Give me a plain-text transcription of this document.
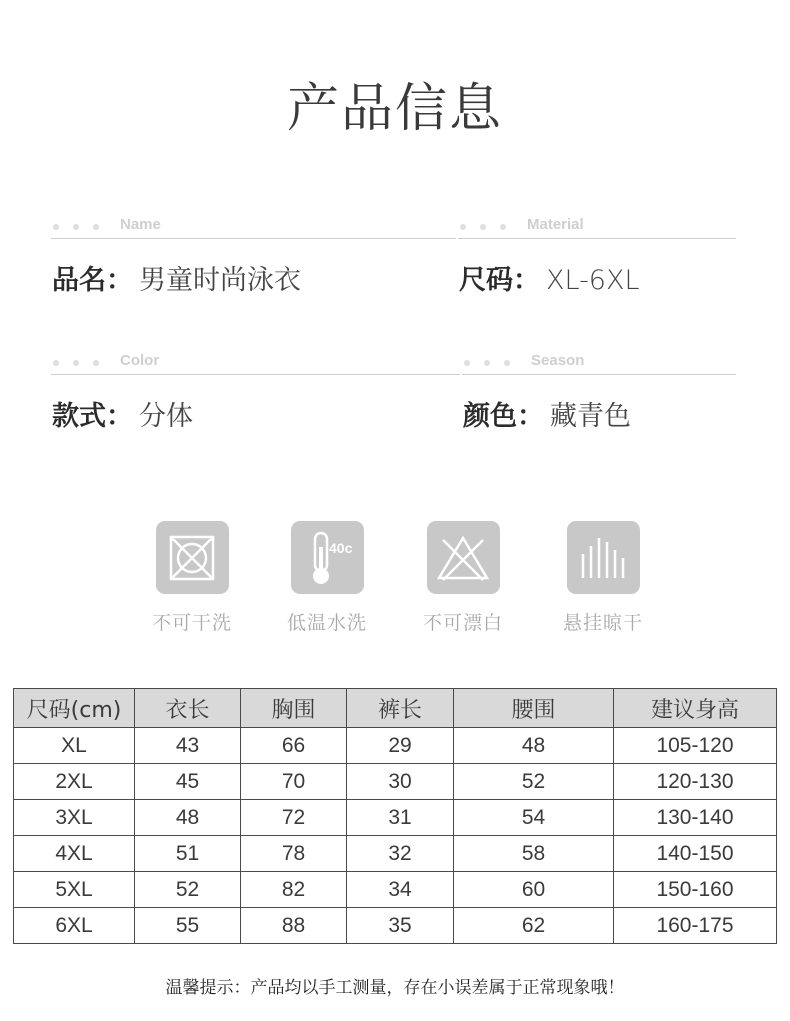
产品信息
Name
品名： 男童时尚泳衣
Material
尺码： XL-6XL
Color
款式： 分体
Season
颜色： 藏青色
不可干洗
40c
低温水洗	不可漂白	悬挂晾干
尺码(cm)	衣长	胸围	裤长	腰围	建议身高
XL	43	66	29	48	105-120
2XL	45	70	30	52	120-130
3XL	48	72	31	54	130-140
4XL	51	78	32	58	140-150
5XL	52	82	34	60	150-160
6XL	55	88	35	62	160-175
温馨提示：产品均以手工测量，存在小误差属于正常现象哦！
